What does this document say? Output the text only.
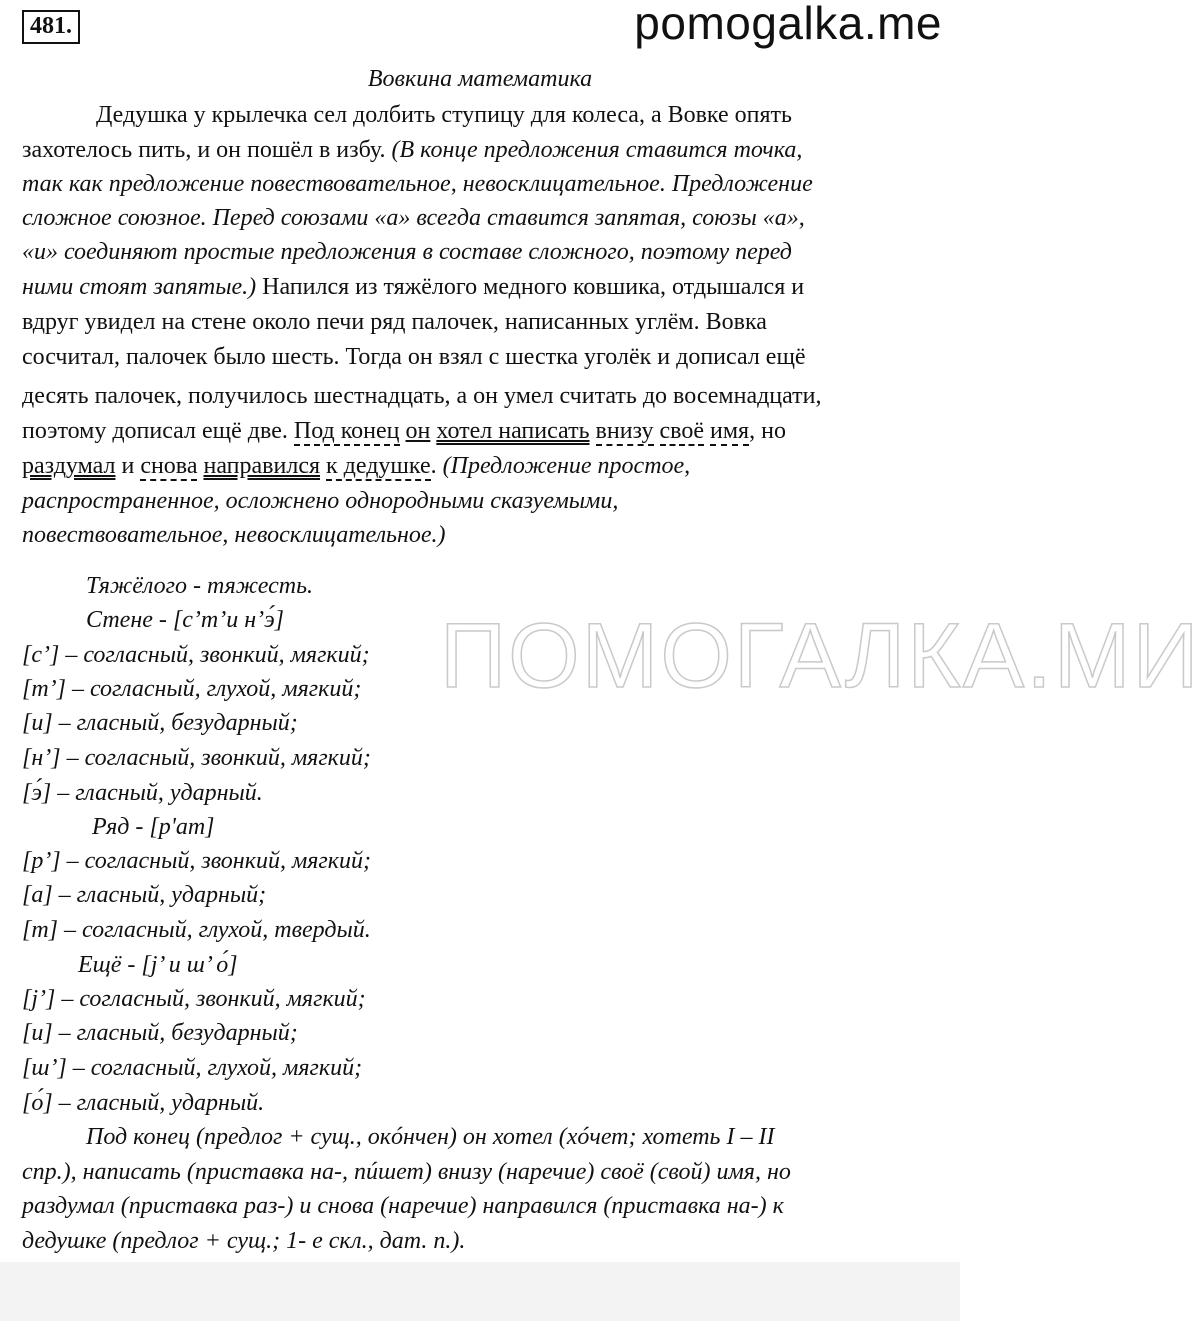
481.	pomogalka.me
ПОМОГАЛКА.МИ
Вовкина математика
Дедушка у крылечка сел долбить ступицу для колеса, а Вовке опять
захотелось пить, и он пошёл в избу. (В конце предложения ставится точка,
так как предложение повествовательное, невосклицательное. Предложение
сложное союзное. Перед союзами «а» всегда ставится запятая, союзы «а»,
«и» соединяют простые предложения в составе сложного, поэтому перед
ними стоят запятые.) Напился из тяжёлого медного ковшика, отдышался и
вдруг увидел на стене около печи ряд палочек, написанных углём. Вовка
сосчитал, палочек было шесть. Тогда он взял с шестка уголёк и дописал ещё
десять палочек, получилось шестнадцать, а он умел считать до восемнадцати,
поэтому дописал ещё две. Под конец он хотел написать внизу своё имя, но
раздумал и снова направился к дедушке. (Предложение простое,
распространенное, осложнено однородными сказуемыми,
повествовательное, невосклицательное.)
Тяжёлого - тяжесть.
Стене - [с’т’и н’э́]
[с’] – согласный, звонкий, мягкий;
[т’] – согласный, глухой, мягкий;
[и] – гласный, безударный;
[н’] – согласный, звонкий, мягкий;
[э́] – гласный, ударный.
Ряд - [р'ат]
[р’] – согласный, звонкий, мягкий;
[а] – гласный, ударный;
[т] – согласный, глухой, твердый.
Ещё - [j’ и ш’ о́]
[j’] – согласный, звонкий, мягкий;
[и] – гласный, безударный;
[ш’] – согласный, глухой, мягкий;
[о́] – гласный, ударный.
Под конец (предлог + сущ., окóнчен) он хотел (хóчет; хотеть I – II
спр.), написать (приставка на-, пúшет) внизу (наречие) своё (свой) имя, но
раздумал (приставка раз-) и снова (наречие) направился (приставка на-) к
дедушке (предлог + сущ.; 1- е скл., дат. п.).
